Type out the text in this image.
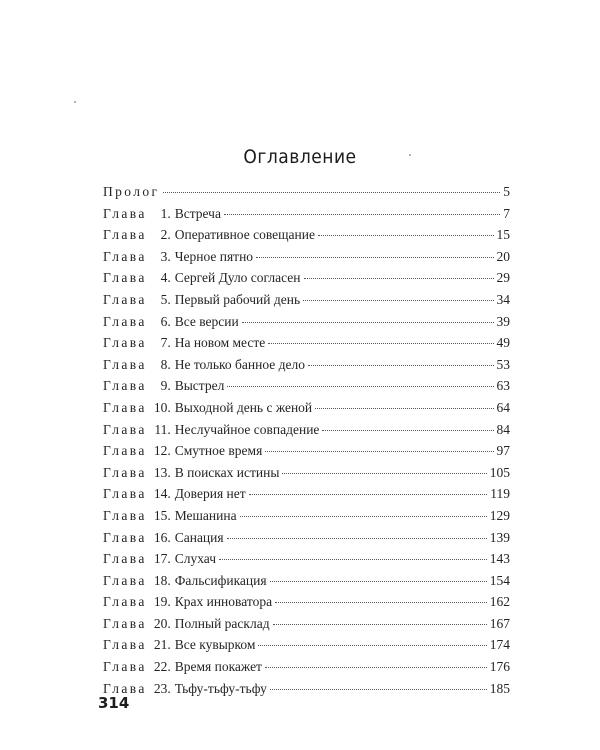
Оглавление
Пролог	5
Глава	1. Встреча	7
Глава	2. Оперативное совещание	15
Глава	3. Черное пятно	20
Глава	4. Сергей Дуло согласен	29
Глава	5. Первый рабочий день	34
Глава	6. Все версии	39
Глава	7. На новом месте	49
Глава	8. Не только банное дело	53
Глава	9. Выстрел	63
Глава 10. Выходной день с женой	64
Глава 11. Неслучайное совпадение	84
Глава 12. Смутное время	97
Глава 13. В поисках истины	105
Глава 14. Доверия нет	119
Глава 15. Мешанина	129
Глава 16. Санация	139
Глава 17. Слухач	143
Глава 18. Фальсификация	154
Глава 19. Крах инноватора	162
Глава 20. Полный расклад	167
Глава 21. Все кувырком	174
Глава 22. Время покажет	176
Глава 23. Тьфу-тьфу-тьфу	185
314
